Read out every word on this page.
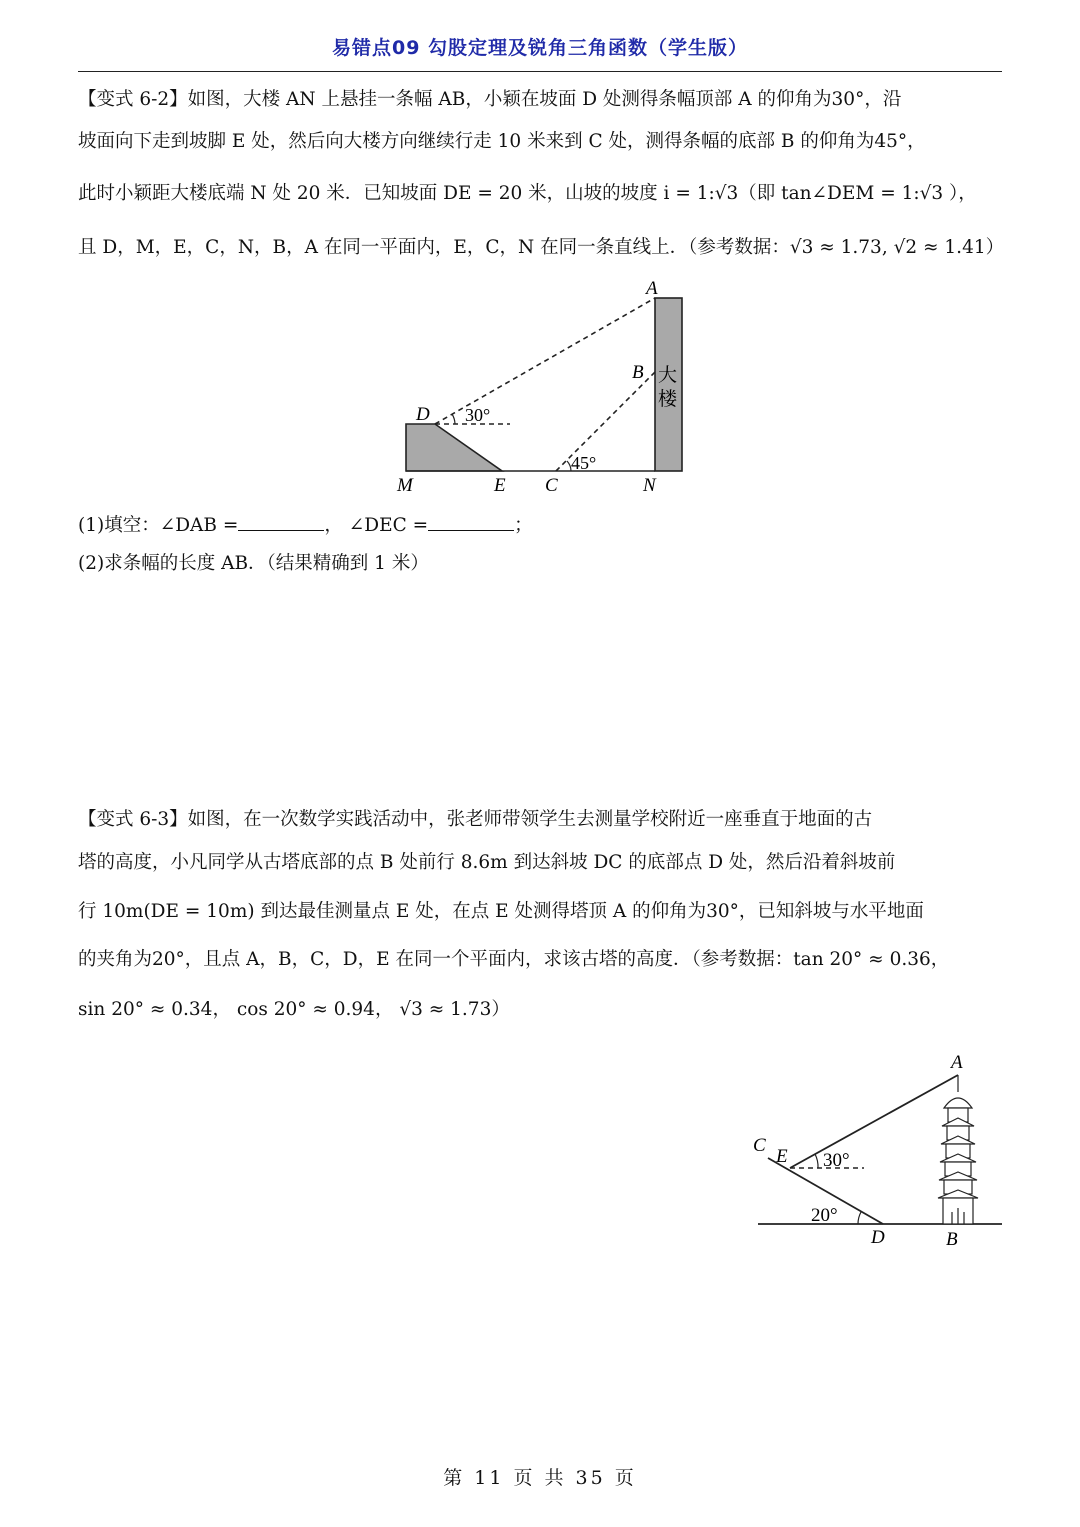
易错点09 勾股定理及锐角三角函数（学生版）
【变式 6-2】如图，大楼 AN 上悬挂一条幅 AB，小颖在坡面 D 处测得条幅顶部 A 的仰角为30°，沿
坡面向下走到坡脚 E 处，然后向大楼方向继续行走 10 米来到 C 处，测得条幅的底部 B 的仰角为45°，
此时小颖距大楼底端 N 处 20 米．已知坡面 DE = 20 米，山坡的坡度 i = 1:√3（即 tan∠DEM = 1:√3 ），
且 D，M，E，C，N，B，A 在同一平面内，E，C，N 在同一条直线上．（参考数据：√3 ≈ 1.73, √2 ≈ 1.41）
A
B
D
M	E C	N
30°
45°
大
楼
(1)填空：∠DAB =	， ∠DEC =	；
(2)求条幅的长度 AB．（结果精确到 1 米）
【变式 6-3】如图，在一次数学实践活动中，张老师带领学生去测量学校附近一座垂直于地面的古
塔的高度，小凡同学从古塔底部的点 B 处前行 8.6m 到达斜坡 DC 的底部点 D 处，然后沿着斜坡前
行 10m(DE = 10m) 到达最佳测量点 E 处，在点 E 处测得塔顶 A 的仰角为30°，已知斜坡与水平地面
的夹角为20°，且点 A，B，C，D，E 在同一个平面内，求该古塔的高度．（参考数据：tan 20° ≈ 0.36，
sin 20° ≈ 0.34， cos 20° ≈ 0.94， √3 ≈ 1.73）
A
C
E
D	B
30°
20°
第 11 页 共 35 页
